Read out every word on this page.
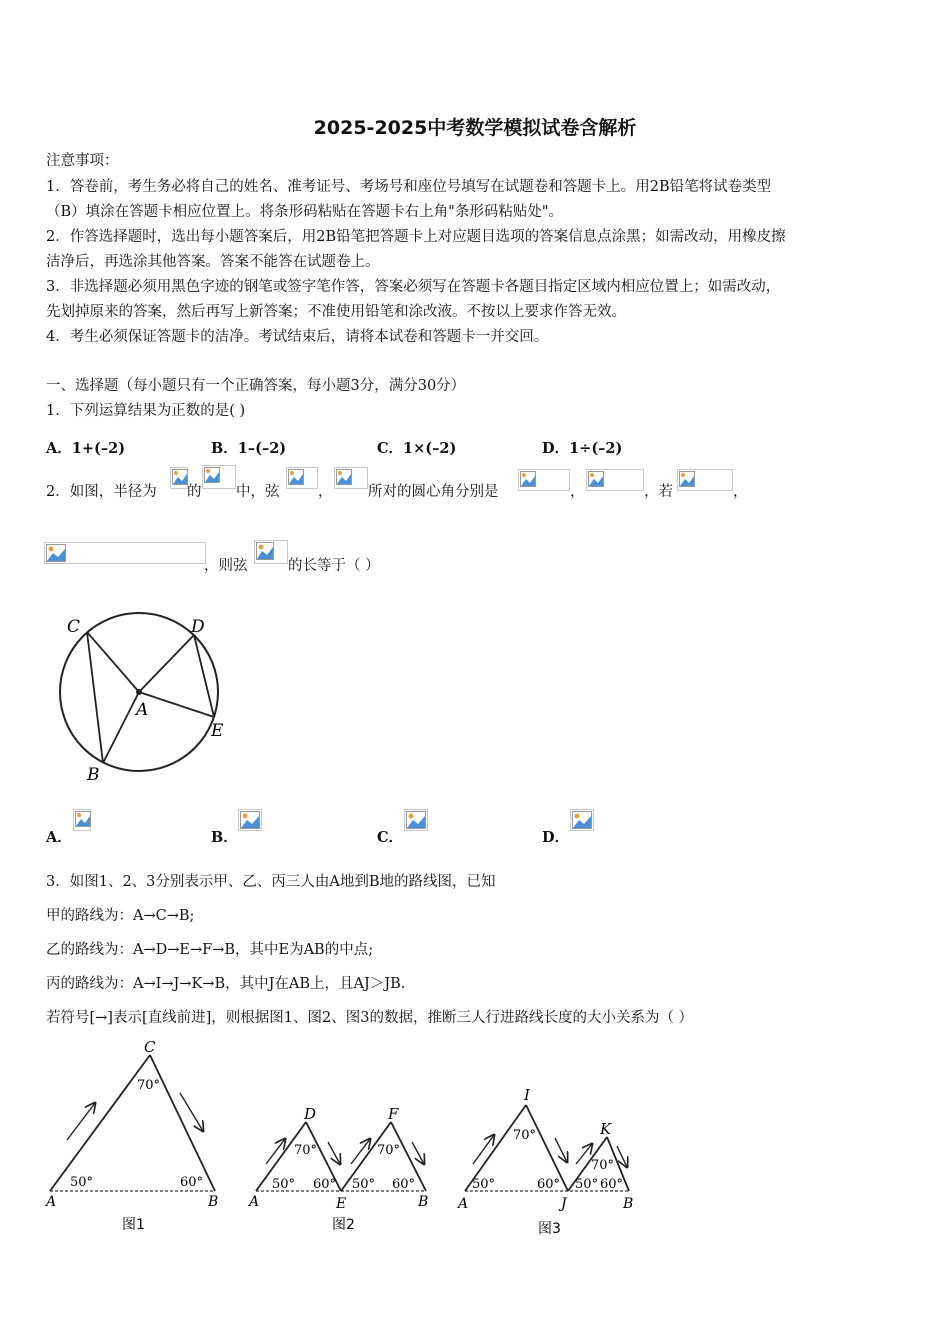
2025-2025中考数学模拟试卷含解析
注意事项：
1．答卷前，考生务必将自己的姓名、准考证号、考场号和座位号填写在试题卷和答题卡上。用2B铅笔将试卷类型
（B）填涂在答题卡相应位置上。将条形码粘贴在答题卡右上角"条形码粘贴处"。
2．作答选择题时，选出每小题答案后，用2B铅笔把答题卡上对应题目选项的答案信息点涂黑；如需改动，用橡皮擦
洁净后，再选涂其他答案。答案不能答在试题卷上。
3．非选择题必须用黑色字迹的钢笔或签字笔作答，答案必须写在答题卡各题目指定区域内相应位置上；如需改动，
先划掉原来的答案，然后再写上新答案；不准使用铅笔和涂改液。不按以上要求作答无效。
4．考生必须保证答题卡的洁净。考试结束后，请将本试卷和答题卡一并交回。
一、选择题（每小题只有一个正确答案，每小题3分，满分30分）
1．下列运算结果为正数的是( )
A．1+(–2)	B．1–(–2)	C．1×(–2)	D．1÷(–2)
2．如图，半径为 的 中，弦	， 所对的圆心角分别是	，	，若	，
，则弦	的长等于（ ）
C	D
A
E
B
A．	B．	C．	D．
3．如图1、2、3分别表示甲、乙、丙三人由A地到B地的路线图，已知
甲的路线为：A→C→B;
乙的路线为：A→D→E→F→B，其中E为AB的中点;
丙的路线为：A→I→J→K→B，其中J在AB上，且AJ＞JB.
若符号[→]表示[直线前进]，则根据图1、图2、图3的数据，推断三人行进路线长度的大小关系为（ ）
C
70°
50°	60°
A	B
图1
D	F
70°	70°
50° 60° 50° 60°
A	E	B
图2
I
K
70°
70°
50°	60° 50° 60°
A	J	B
图3
